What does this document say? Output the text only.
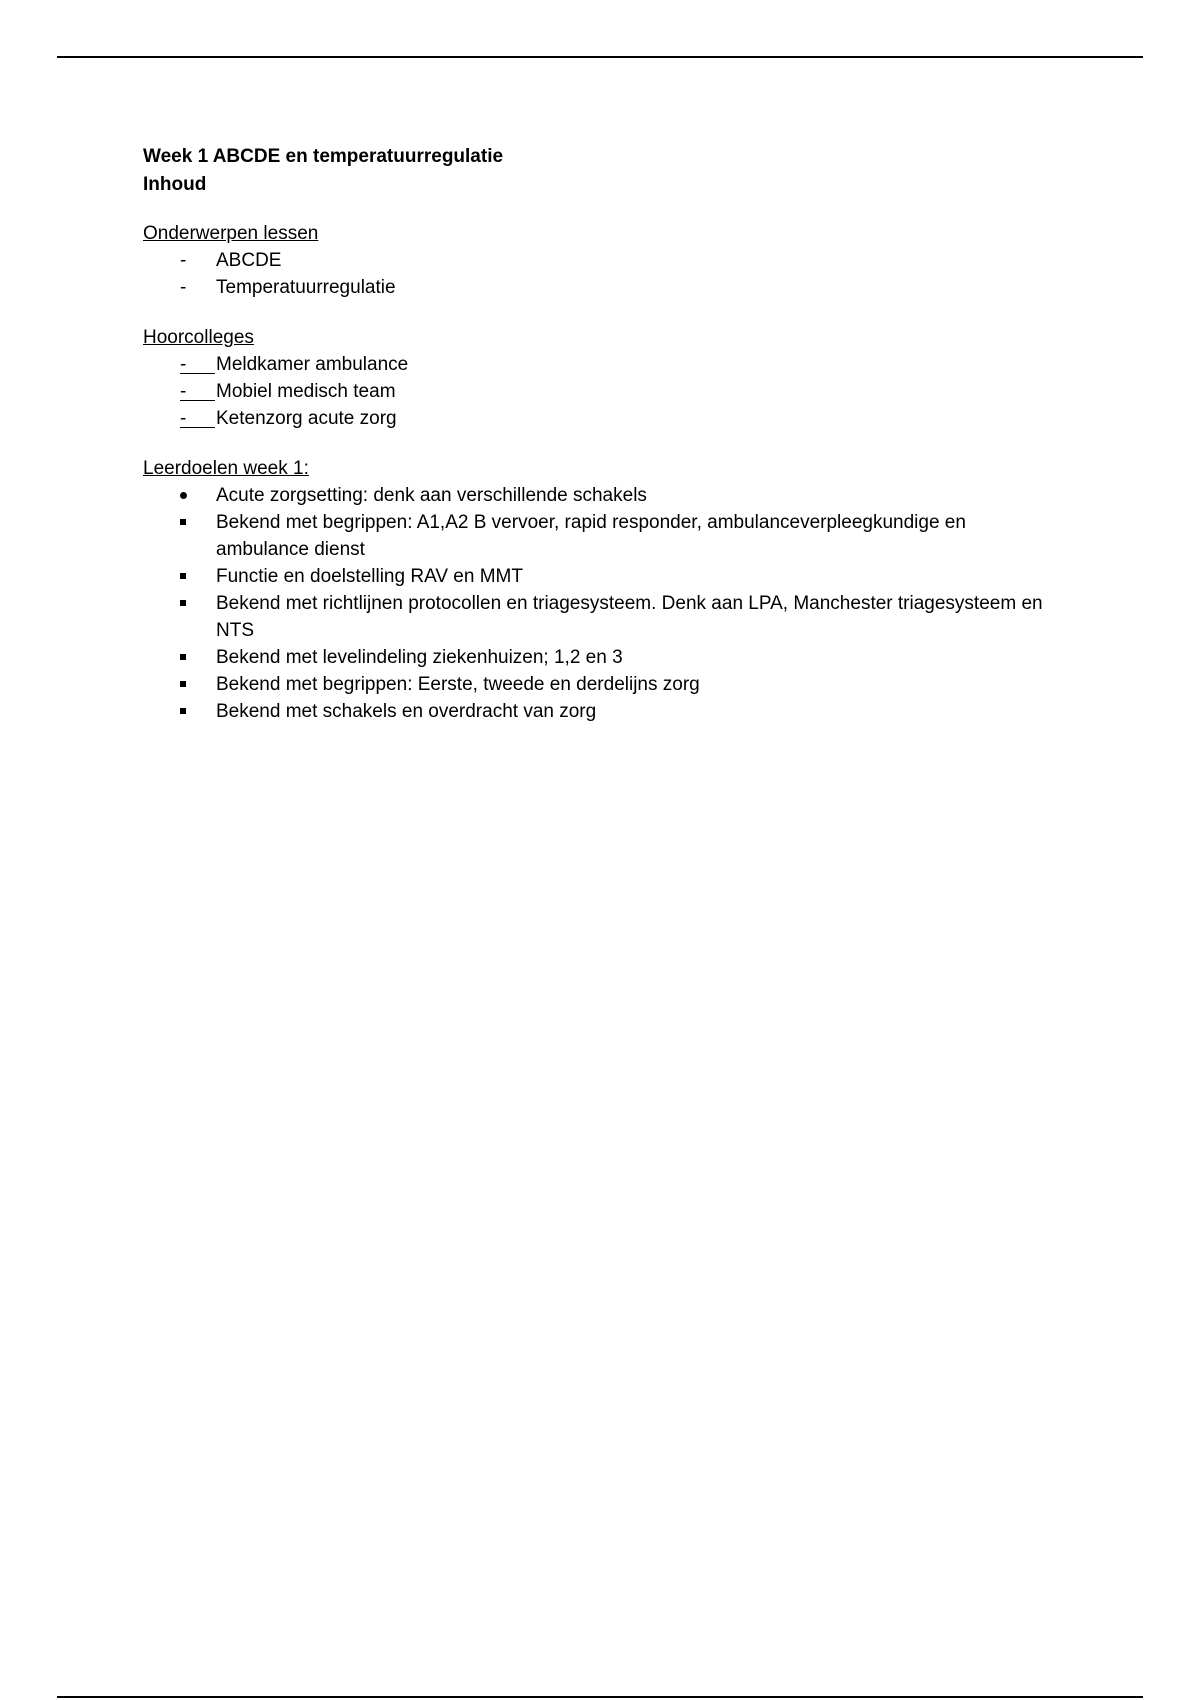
Week 1 ABCDE en temperatuurregulatie

Inhoud

Onderwerpen lessen
-
ABCDE
-
Temperatuurregulatie
Hoorcolleges
-
Meldkamer ambulance
-
Mobiel medisch team
-
Ketenzorg acute zorg
Leerdoelen week 1:
Acute zorgsetting: denk aan verschillende schakels
Bekend met begrippen: A1,A2 B vervoer, rapid responder, ambulanceverpleegkundige en ambulance dienst
Functie en doelstelling RAV en MMT
Bekend met richtlijnen protocollen en triagesysteem. Denk aan LPA, Manchester triagesysteem en NTS
Bekend met levelindeling ziekenhuizen; 1,2 en 3
Bekend met begrippen: Eerste, tweede en derdelijns zorg
Bekend met schakels en overdracht van zorg
